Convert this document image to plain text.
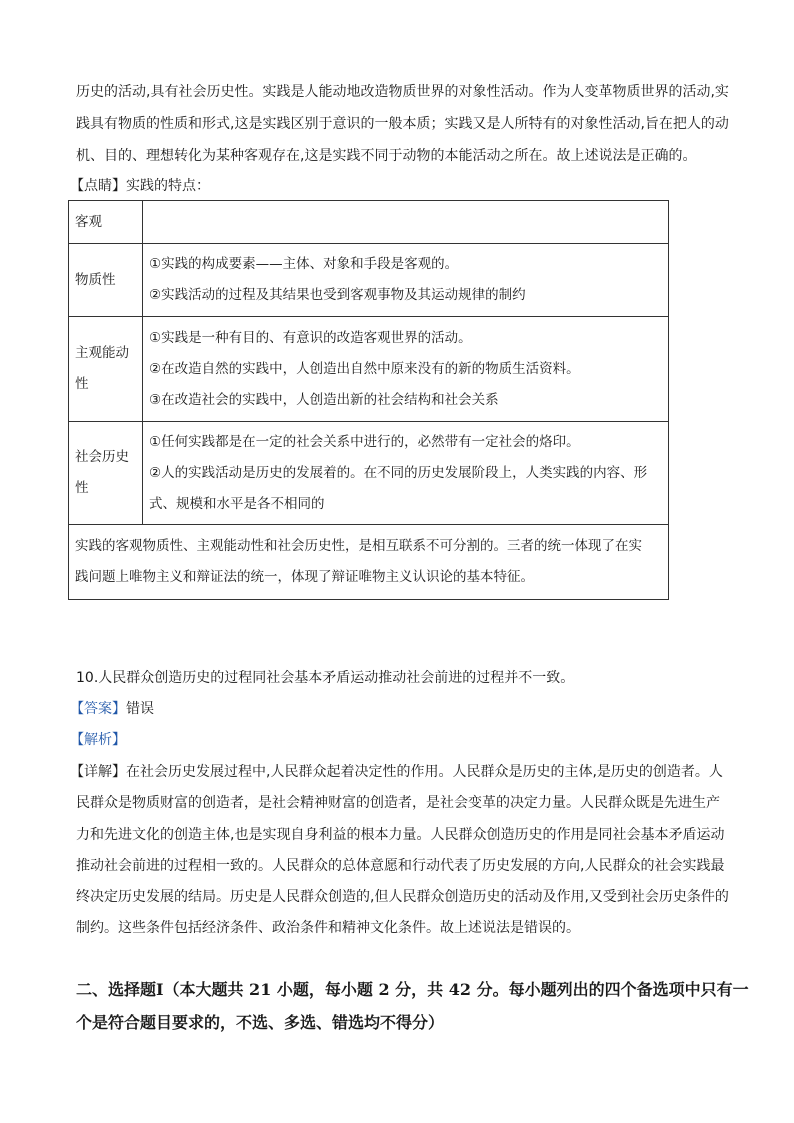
历史的活动,具有社会历史性。实践是人能动地改造物质世界的对象性活动。作为人变革物质世界的活动,实
践具有物质的性质和形式,这是实践区别于意识的一般本质；实践又是人所特有的对象性活动,旨在把人的动
机、目的、理想转化为某种客观存在,这是实践不同于动物的本能活动之所在。故上述说法是正确的。
【点睛】实践的特点：
客观	
物质性	①实践的构成要素——主体、对象和手段是客观的。
②实践活动的过程及其结果也受到客观事物及其运动规律的制约

主观能动性	①实践是一种有目的、有意识的改造客观世界的活动。
②在改造自然的实践中，人创造出自然中原来没有的新的物质生活资料。
③在改造社会的实践中，人创造出新的社会结构和社会关系

社会历史性	①任何实践都是在一定的社会关系中进行的，必然带有一定社会的烙印。
②人的实践活动是历史的发展着的。在不同的历史发展阶段上，人类实践的内容、形
式、规模和水平是各不相同的

实践的客观物质性、主观能动性和社会历史性，是相互联系不可分割的。三者的统一体现了在实
践问题上唯物主义和辩证法的统一，体现了辩证唯物主义认识论的基本特征。	
10.人民群众创造历史的过程同社会基本矛盾运动推动社会前进的过程并不一致。
【答案】错误
【解析】
【详解】在社会历史发展过程中,人民群众起着决定性的作用。人民群众是历史的主体,是历史的创造者。人
民群众是物质财富的创造者，是社会精神财富的创造者，是社会变革的决定力量。人民群众既是先进生产
力和先进文化的创造主体,也是实现自身利益的根本力量。人民群众创造历史的作用是同社会基本矛盾运动
推动社会前进的过程相一致的。人民群众的总体意愿和行动代表了历史发展的方向,人民群众的社会实践最
终决定历史发展的结局。历史是人民群众创造的,但人民群众创造历史的活动及作用,又受到社会历史条件的
制约。这些条件包括经济条件、政治条件和精神文化条件。故上述说法是错误的。
二、选择题Ⅰ（本大题共 21 小题，每小题 2 分，共 42 分。每小题列出的四个备选项中只有一
个是符合题目要求的，不选、多选、错选均不得分）
